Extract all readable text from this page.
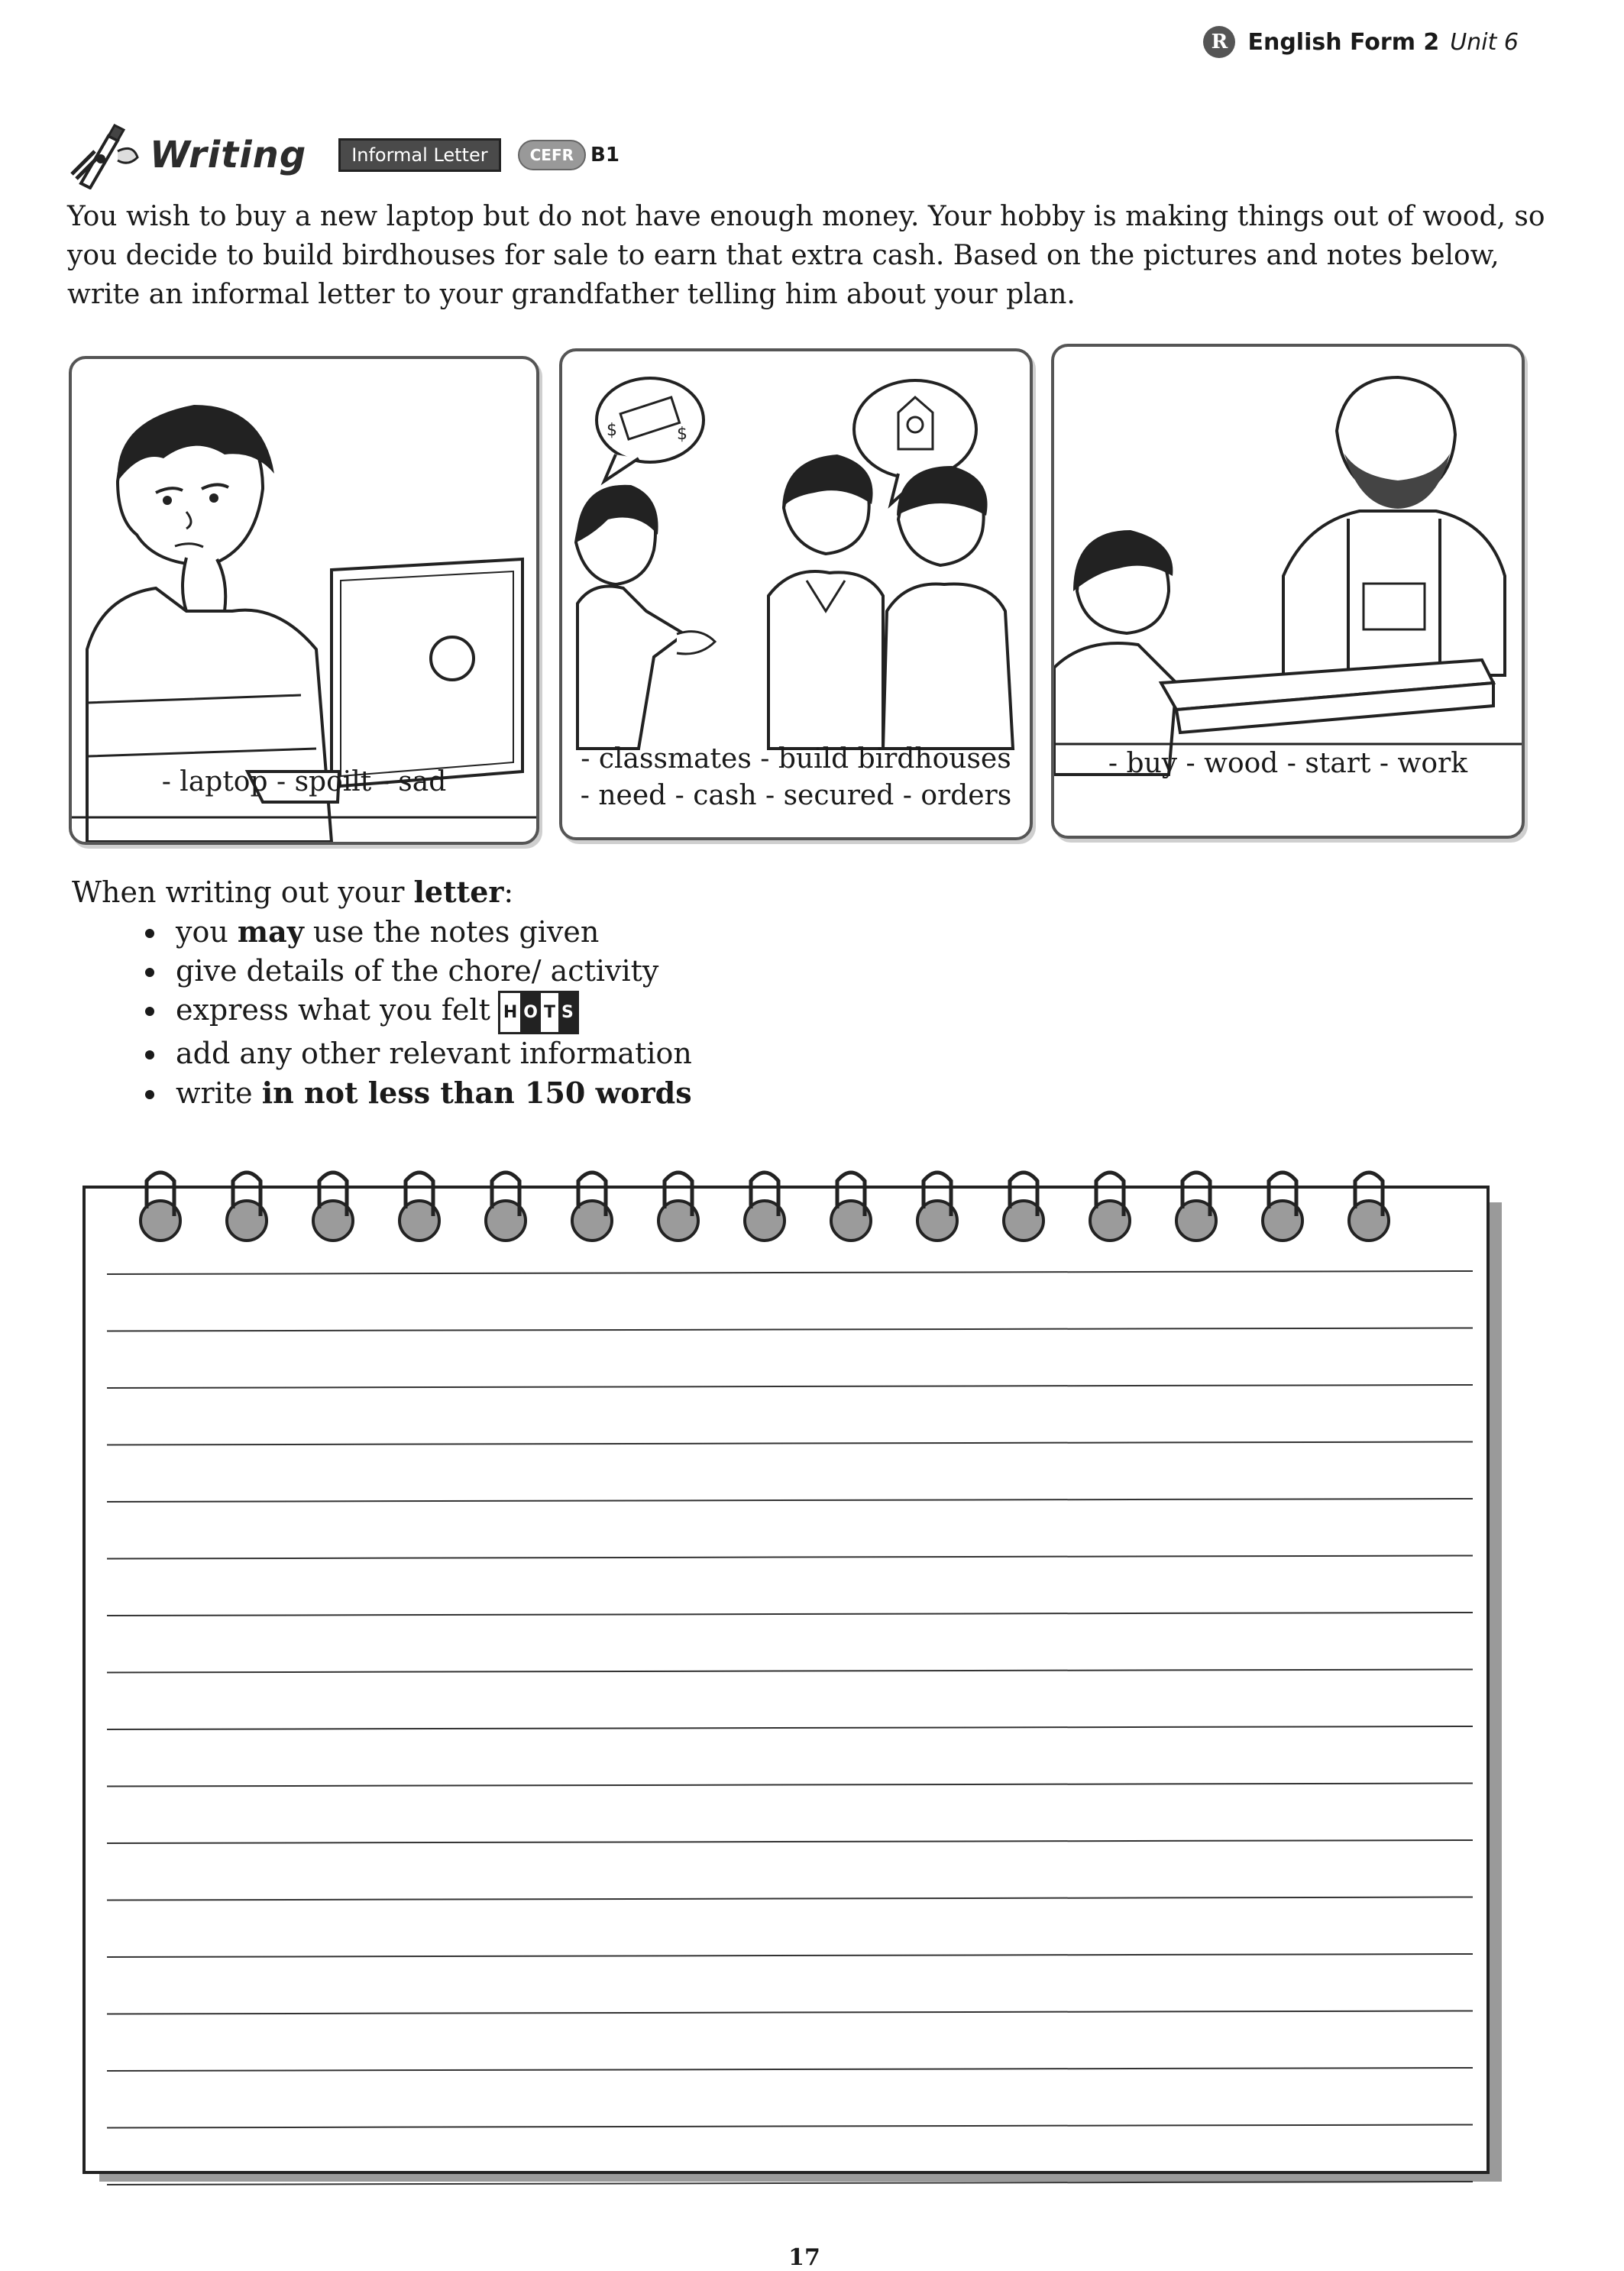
R English Form 2 Unit 6
Writing	Informal Letter	CEFR B1
You wish to buy a new laptop but do not have enough money. Your hobby is making things out of wood, so you decide to build birdhouses for sale to earn that extra cash. Based on the pictures and notes below, write an informal letter to your grandfather telling him about your plan.
- laptop - spoilt - sad
$	$
- classmates - build birdhouses
- need - cash - secured - orders
- buy - wood - start - work

When writing out your letter:

• you may use the notes given
• give details of the chore/ activity
• express what you felt H O T S
• add any other relevant information
• write in not less than 150 words
17
